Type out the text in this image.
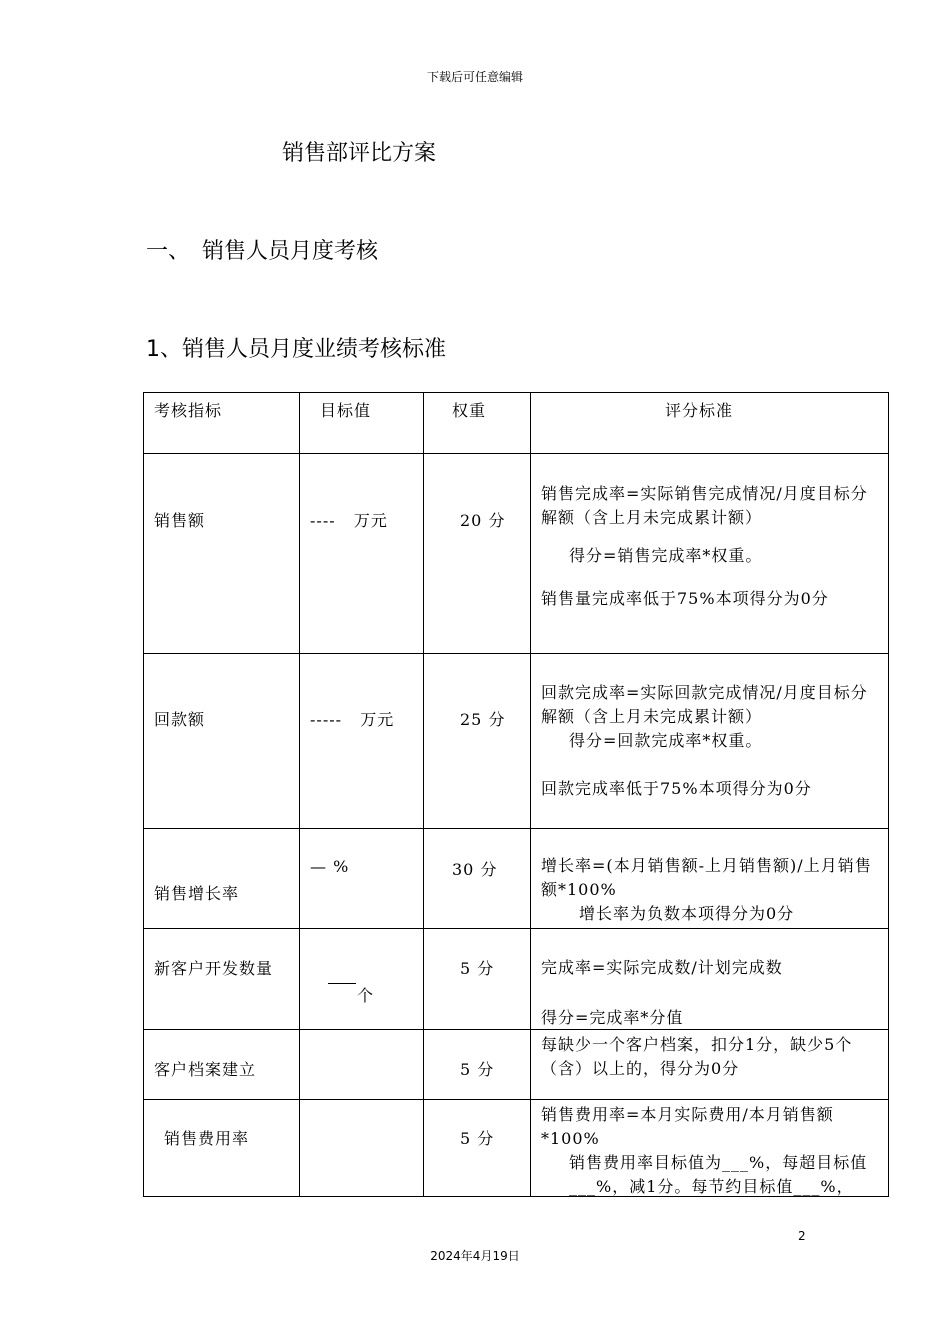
下载后可任意编辑
销售部评比方案
一、 销售人员月度考核
1、销售人员月度业绩考核标准
考核指标	目标值	权重	评分标准

销售额	----   万元	20 分	销售完成率=实际销售完成情况/月度目标分解额（含上月未完成累计额）

得分=销售完成率*权重。

销售量完成率低于75%本项得分为0分

回款额	-----   万元	25 分	回款完成率=实际回款完成情况/月度目标分解额（含上月未完成累计额）

得分=回款完成率*权重。

回款完成率低于75%本项得分为0分

销售增长率	— %	30 分	增长率=(本月销售额-上月销售额)/上月销售额*100%

增长率为负数本项得分为0分

新客户开发数量	个	5 分	完成率=实际完成数/计划完成数

得分=完成率*分值

客户档案建立		5 分	每缺少一个客户档案，扣分1分，缺少5个（含）以上的，得分为0分

销售费用率		5 分	销售费用率=本月实际费用/本月销售额*100%

销售费用率目标值为___%，每超目标值___%，减1分。每节约目标值___%，

2
2024年4月19日
